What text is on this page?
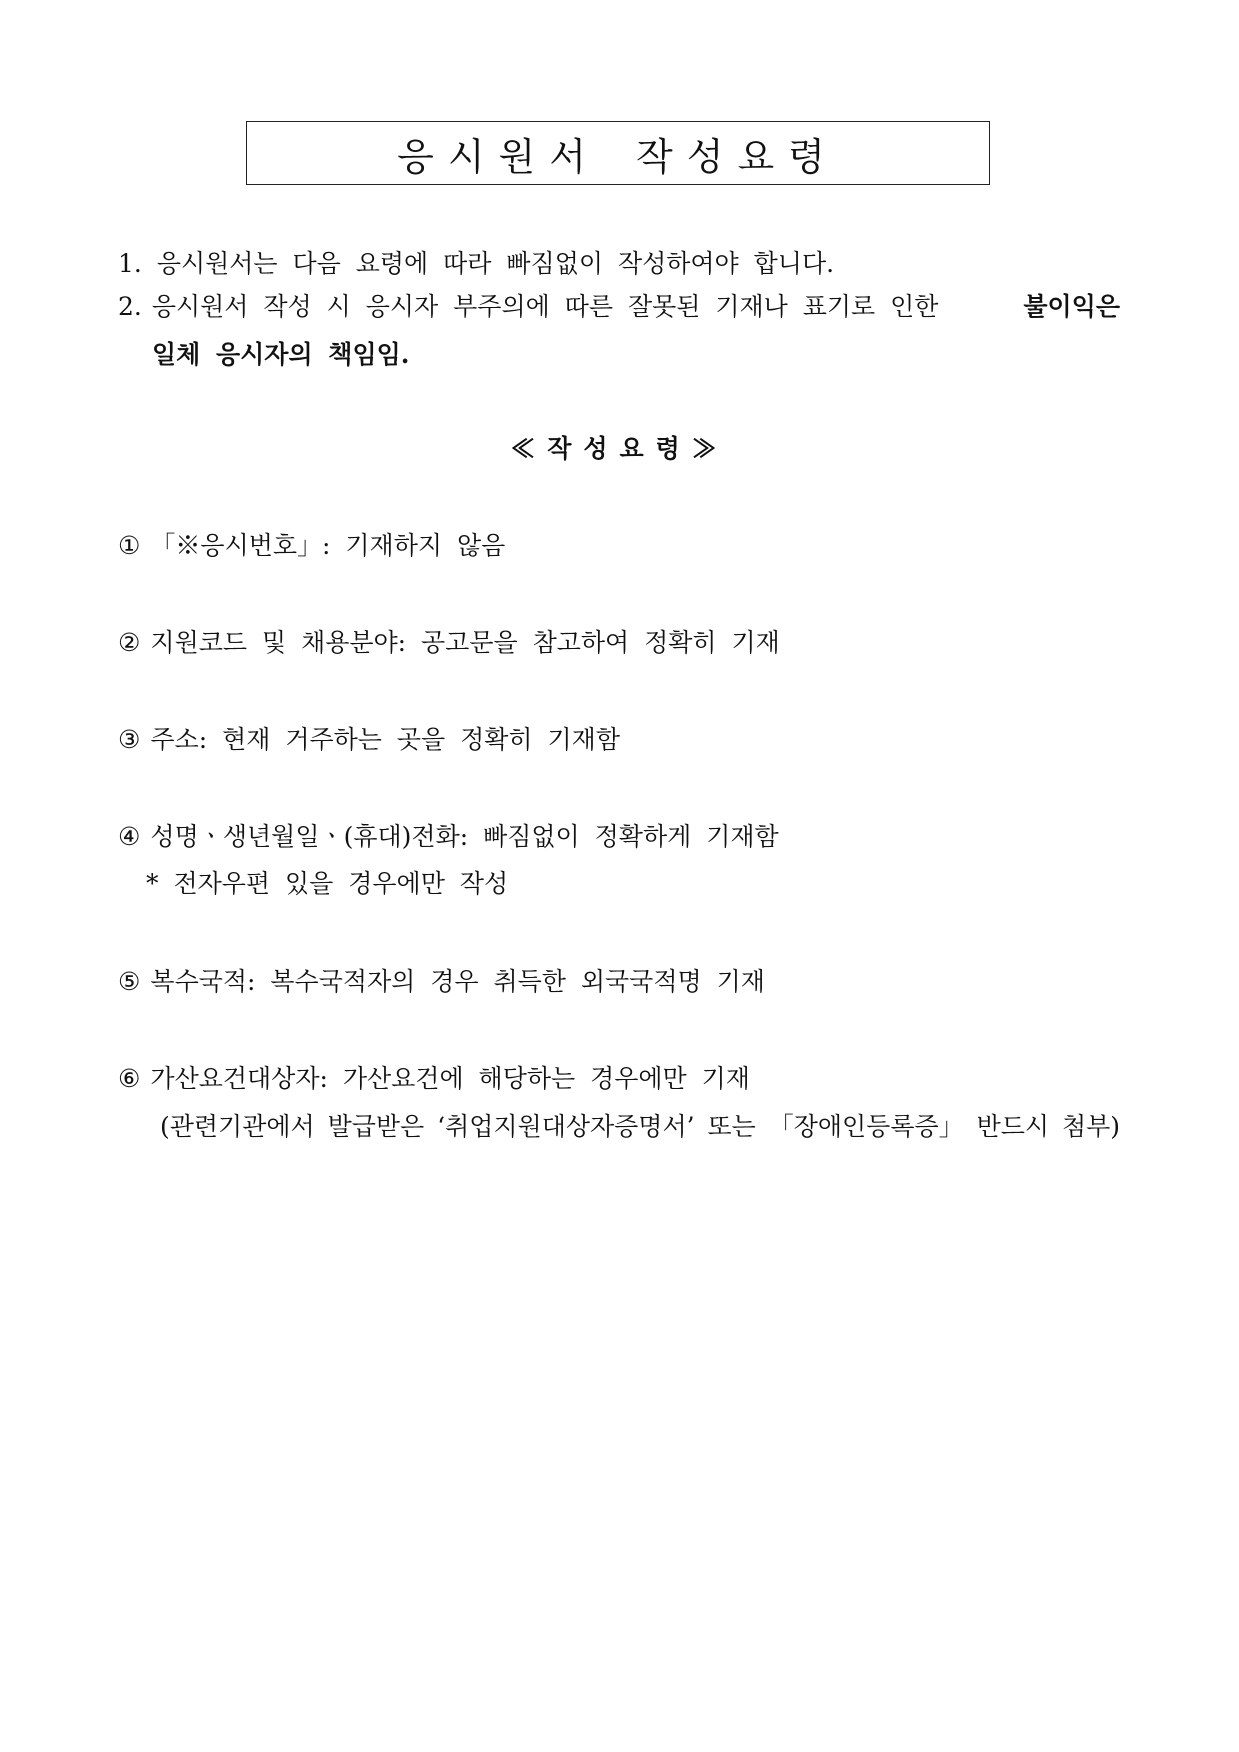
응시원서 작성요령
1. 응시원서는 다음 요령에 따라 빠짐없이 작성하여야 합니다.
2. 응시원서 작성 시 응시자 부주의에 따른 잘못된 기재나 표기로 인한	불이익은
일체 응시자의 책임임.
≪작성요령≫
① 「※응시번호」: 기재하지 않음
② 지원코드 및 채용분야: 공고문을 참고하여 정확히 기재
③ 주소: 현재 거주하는 곳을 정확히 기재함
④ 성명ㆍ생년월일ㆍ(휴대)전화: 빠짐없이 정확하게 기재함
* 전자우편 있을 경우에만 작성
⑤ 복수국적: 복수국적자의 경우 취득한 외국국적명 기재
⑥ 가산요건대상자: 가산요건에 해당하는 경우에만 기재
(관련기관에서 발급받은 ‘취업지원대상자증명서’ 또는 「장애인등록증」 반드시 첨부)
